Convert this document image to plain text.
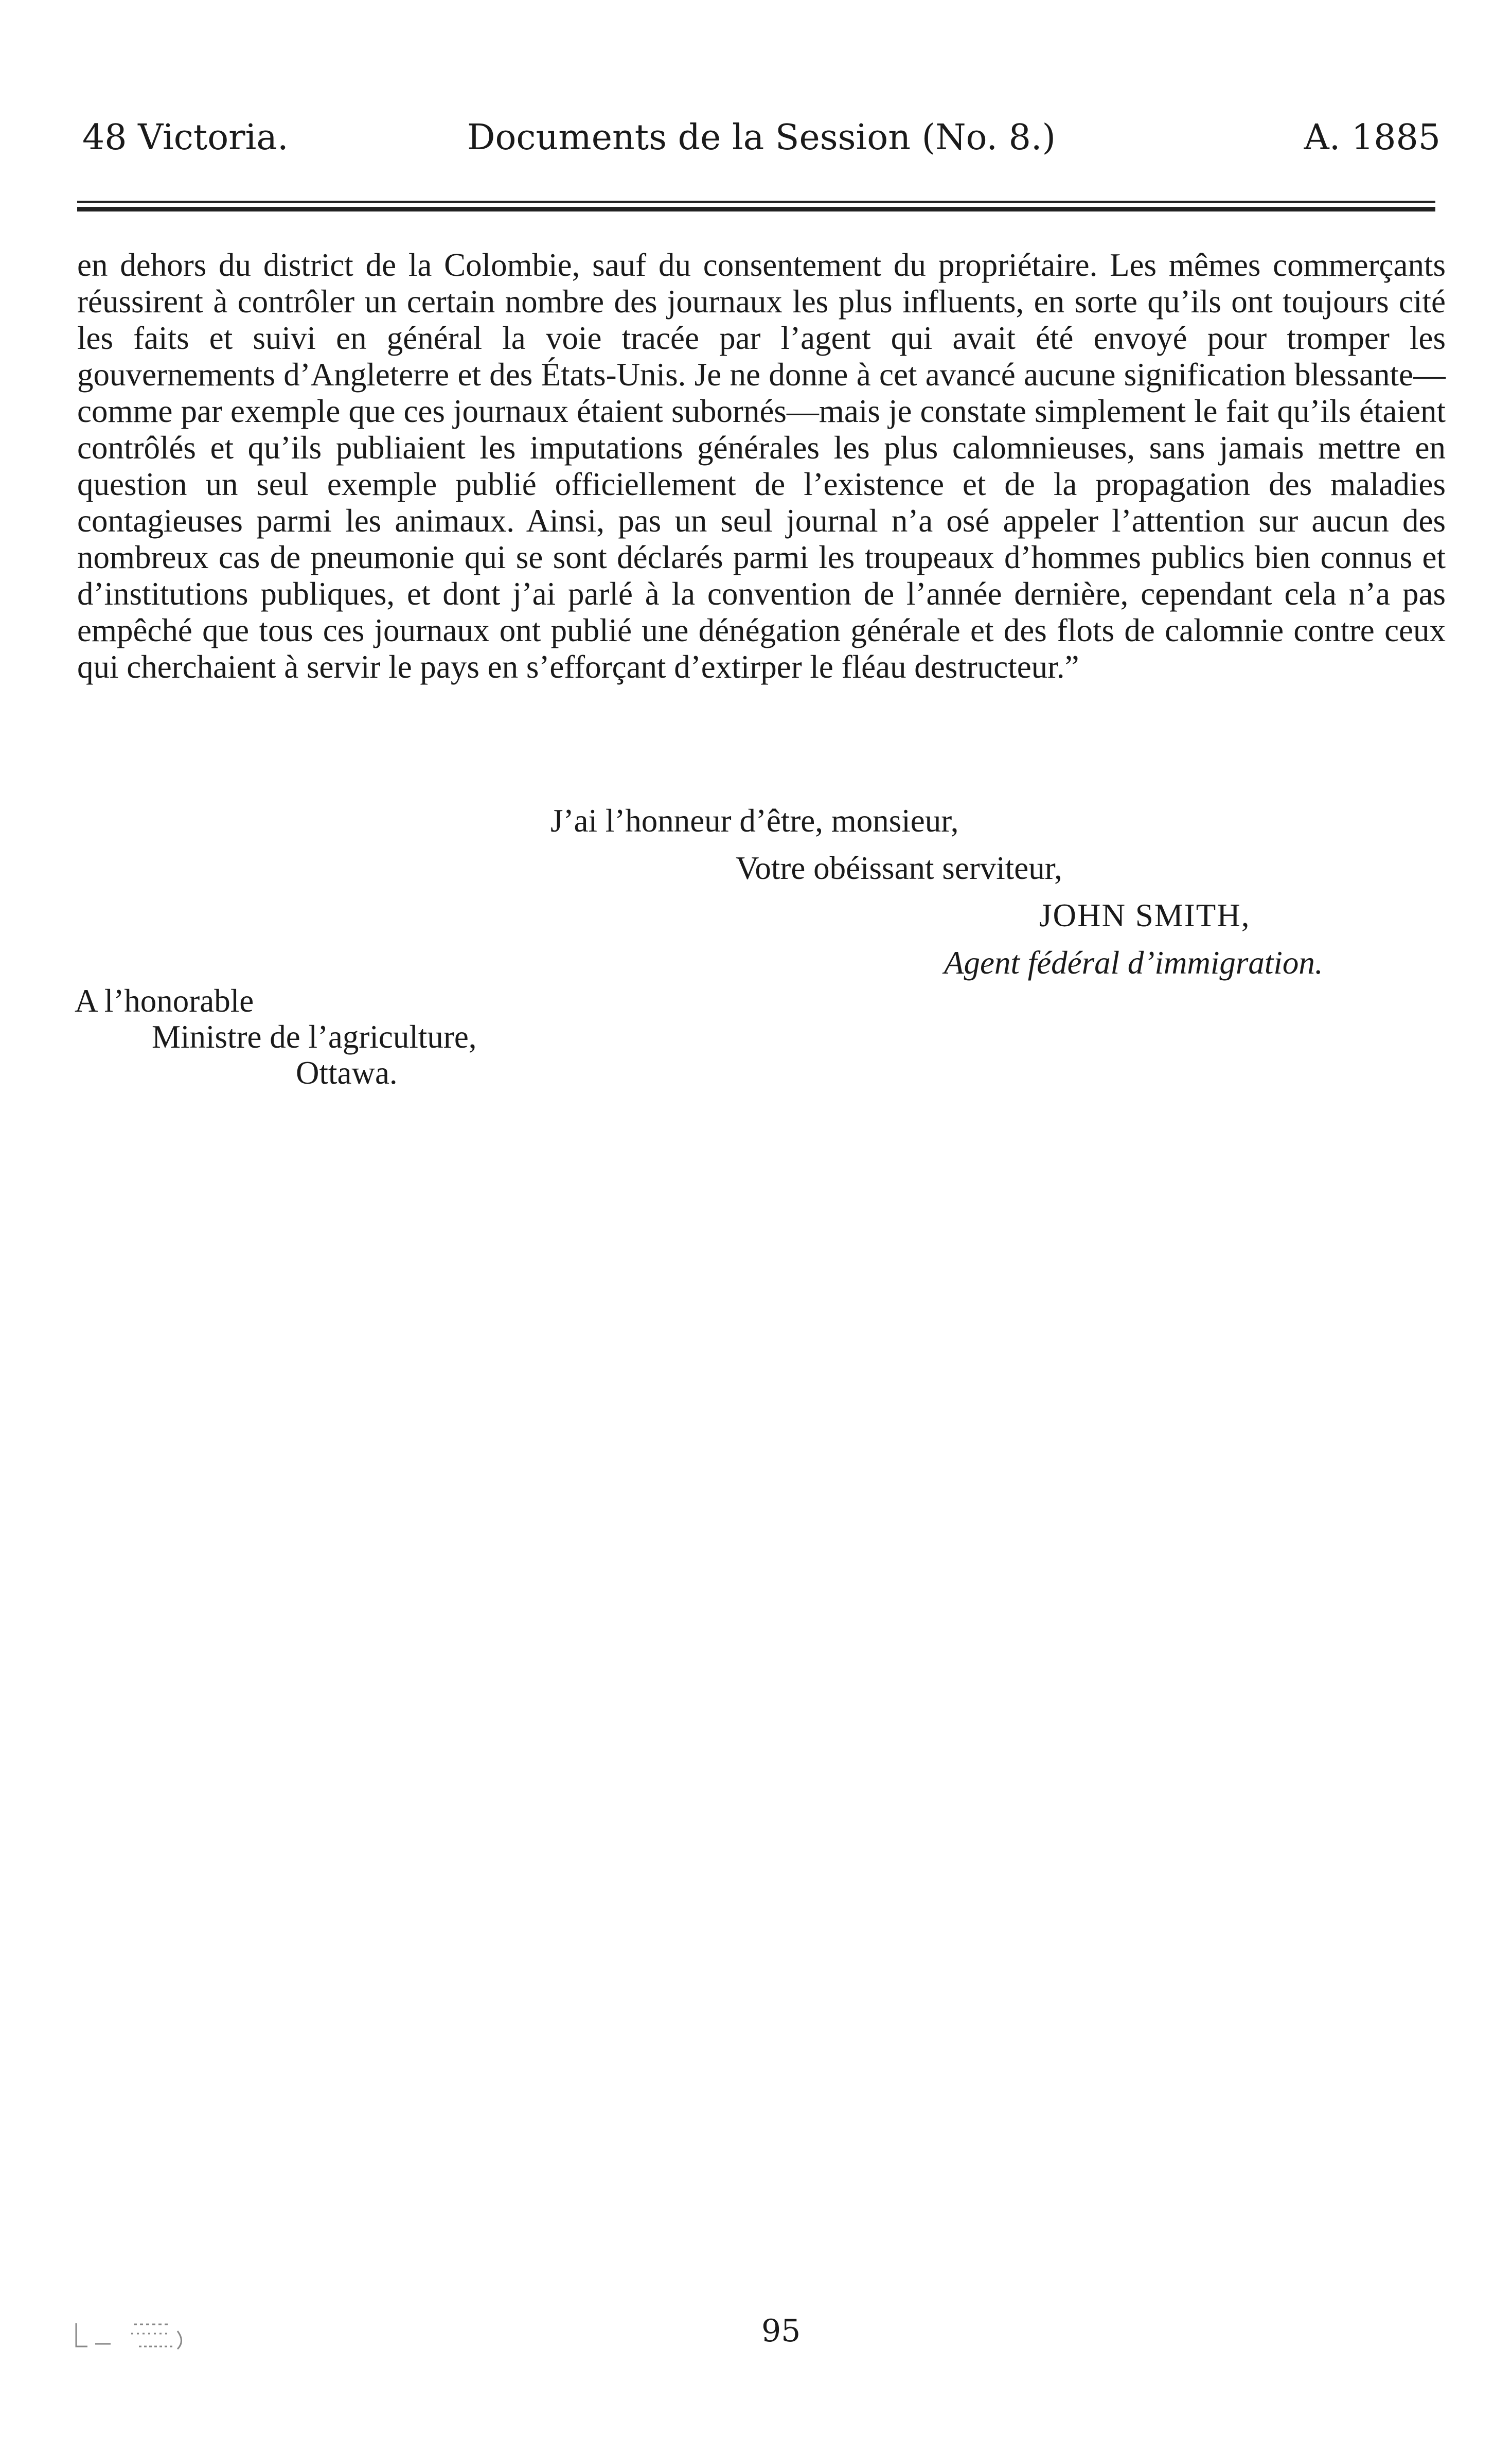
48 Victoria.	Documents de la Session (No. 8.)	A. 1885
en dehors du district de la Colombie, sauf du consentement du propriétaire. Les mêmes commerçants réussirent à contrôler un certain nombre des journaux les plus influents, en sorte qu’ils ont toujours cité les faits et suivi en général la voie tracée par l’agent qui avait été envoyé pour tromper les gouvernements d’Angleterre et des États-Unis. Je ne donne à cet avancé aucune signification blessante—comme par exemple que ces journaux étaient subornés—mais je constate simplement le fait qu’ils étaient contrôlés et qu’ils publiaient les imputations générales les plus calomnieuses, sans jamais mettre en question un seul exemple publié officiellement de l’existence et de la propagation des maladies contagieuses parmi les animaux. Ainsi, pas un seul journal n’a osé appeler l’attention sur aucun des nombreux cas de pneumonie qui se sont déclarés parmi les troupeaux d’hommes publics bien connus et d’institutions publiques, et dont j’ai parlé à la convention de l’année dernière, cependant cela n’a pas empêché que tous ces journaux ont publié une dénégation générale et des flots de calomnie contre ceux qui cherchaient à servir le pays en s’efforçant d’extirper le fléau destructeur.”
J’ai l’honneur d’être, monsieur,
Votre obéissant serviteur,
JOHN SMITH,
Agent fédéral d’immigration.
A l’honorable
Ministre de l’agriculture,
Ottawa.
95
